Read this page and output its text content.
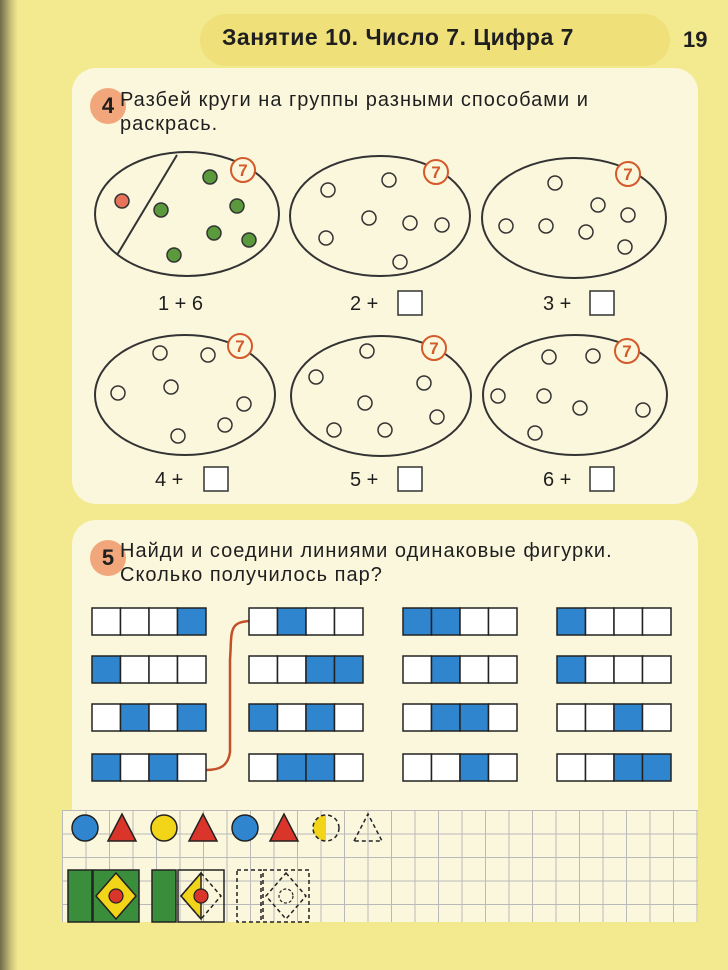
Занятие 10. Число 7. Цифра 7	19
4 Разбей круги на группы разными способами и
раскрась.
7	7	7
7	7	7
1 + 6	2 +	3 +
4 +	5 +	6 +
5 Найди и соедини линиями одинаковые фигурки.
Сколько получилось пар?
